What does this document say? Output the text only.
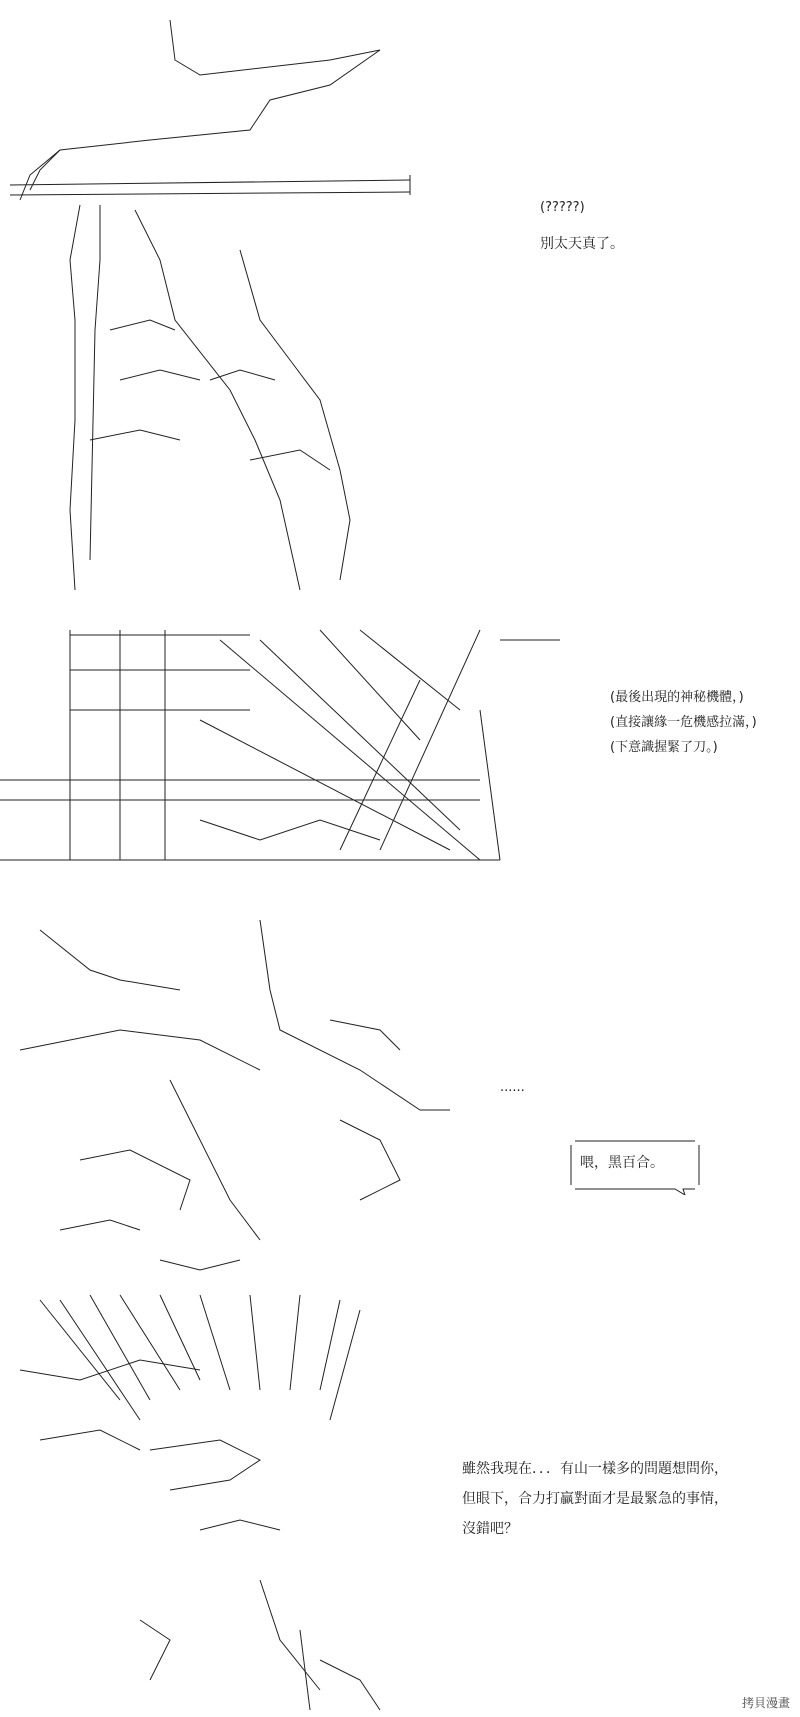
(?????)
別太天真了。
(最後出現的神秘機體，)
(直接讓緣一危機感拉滿，)
(下意識握緊了刀。)
......
喂，黑百合。
雖然我現在．．．有山一樣多的問題想問你，
但眼下，合力打贏對面才是最緊急的事情，
沒錯吧？
拷貝漫畫
